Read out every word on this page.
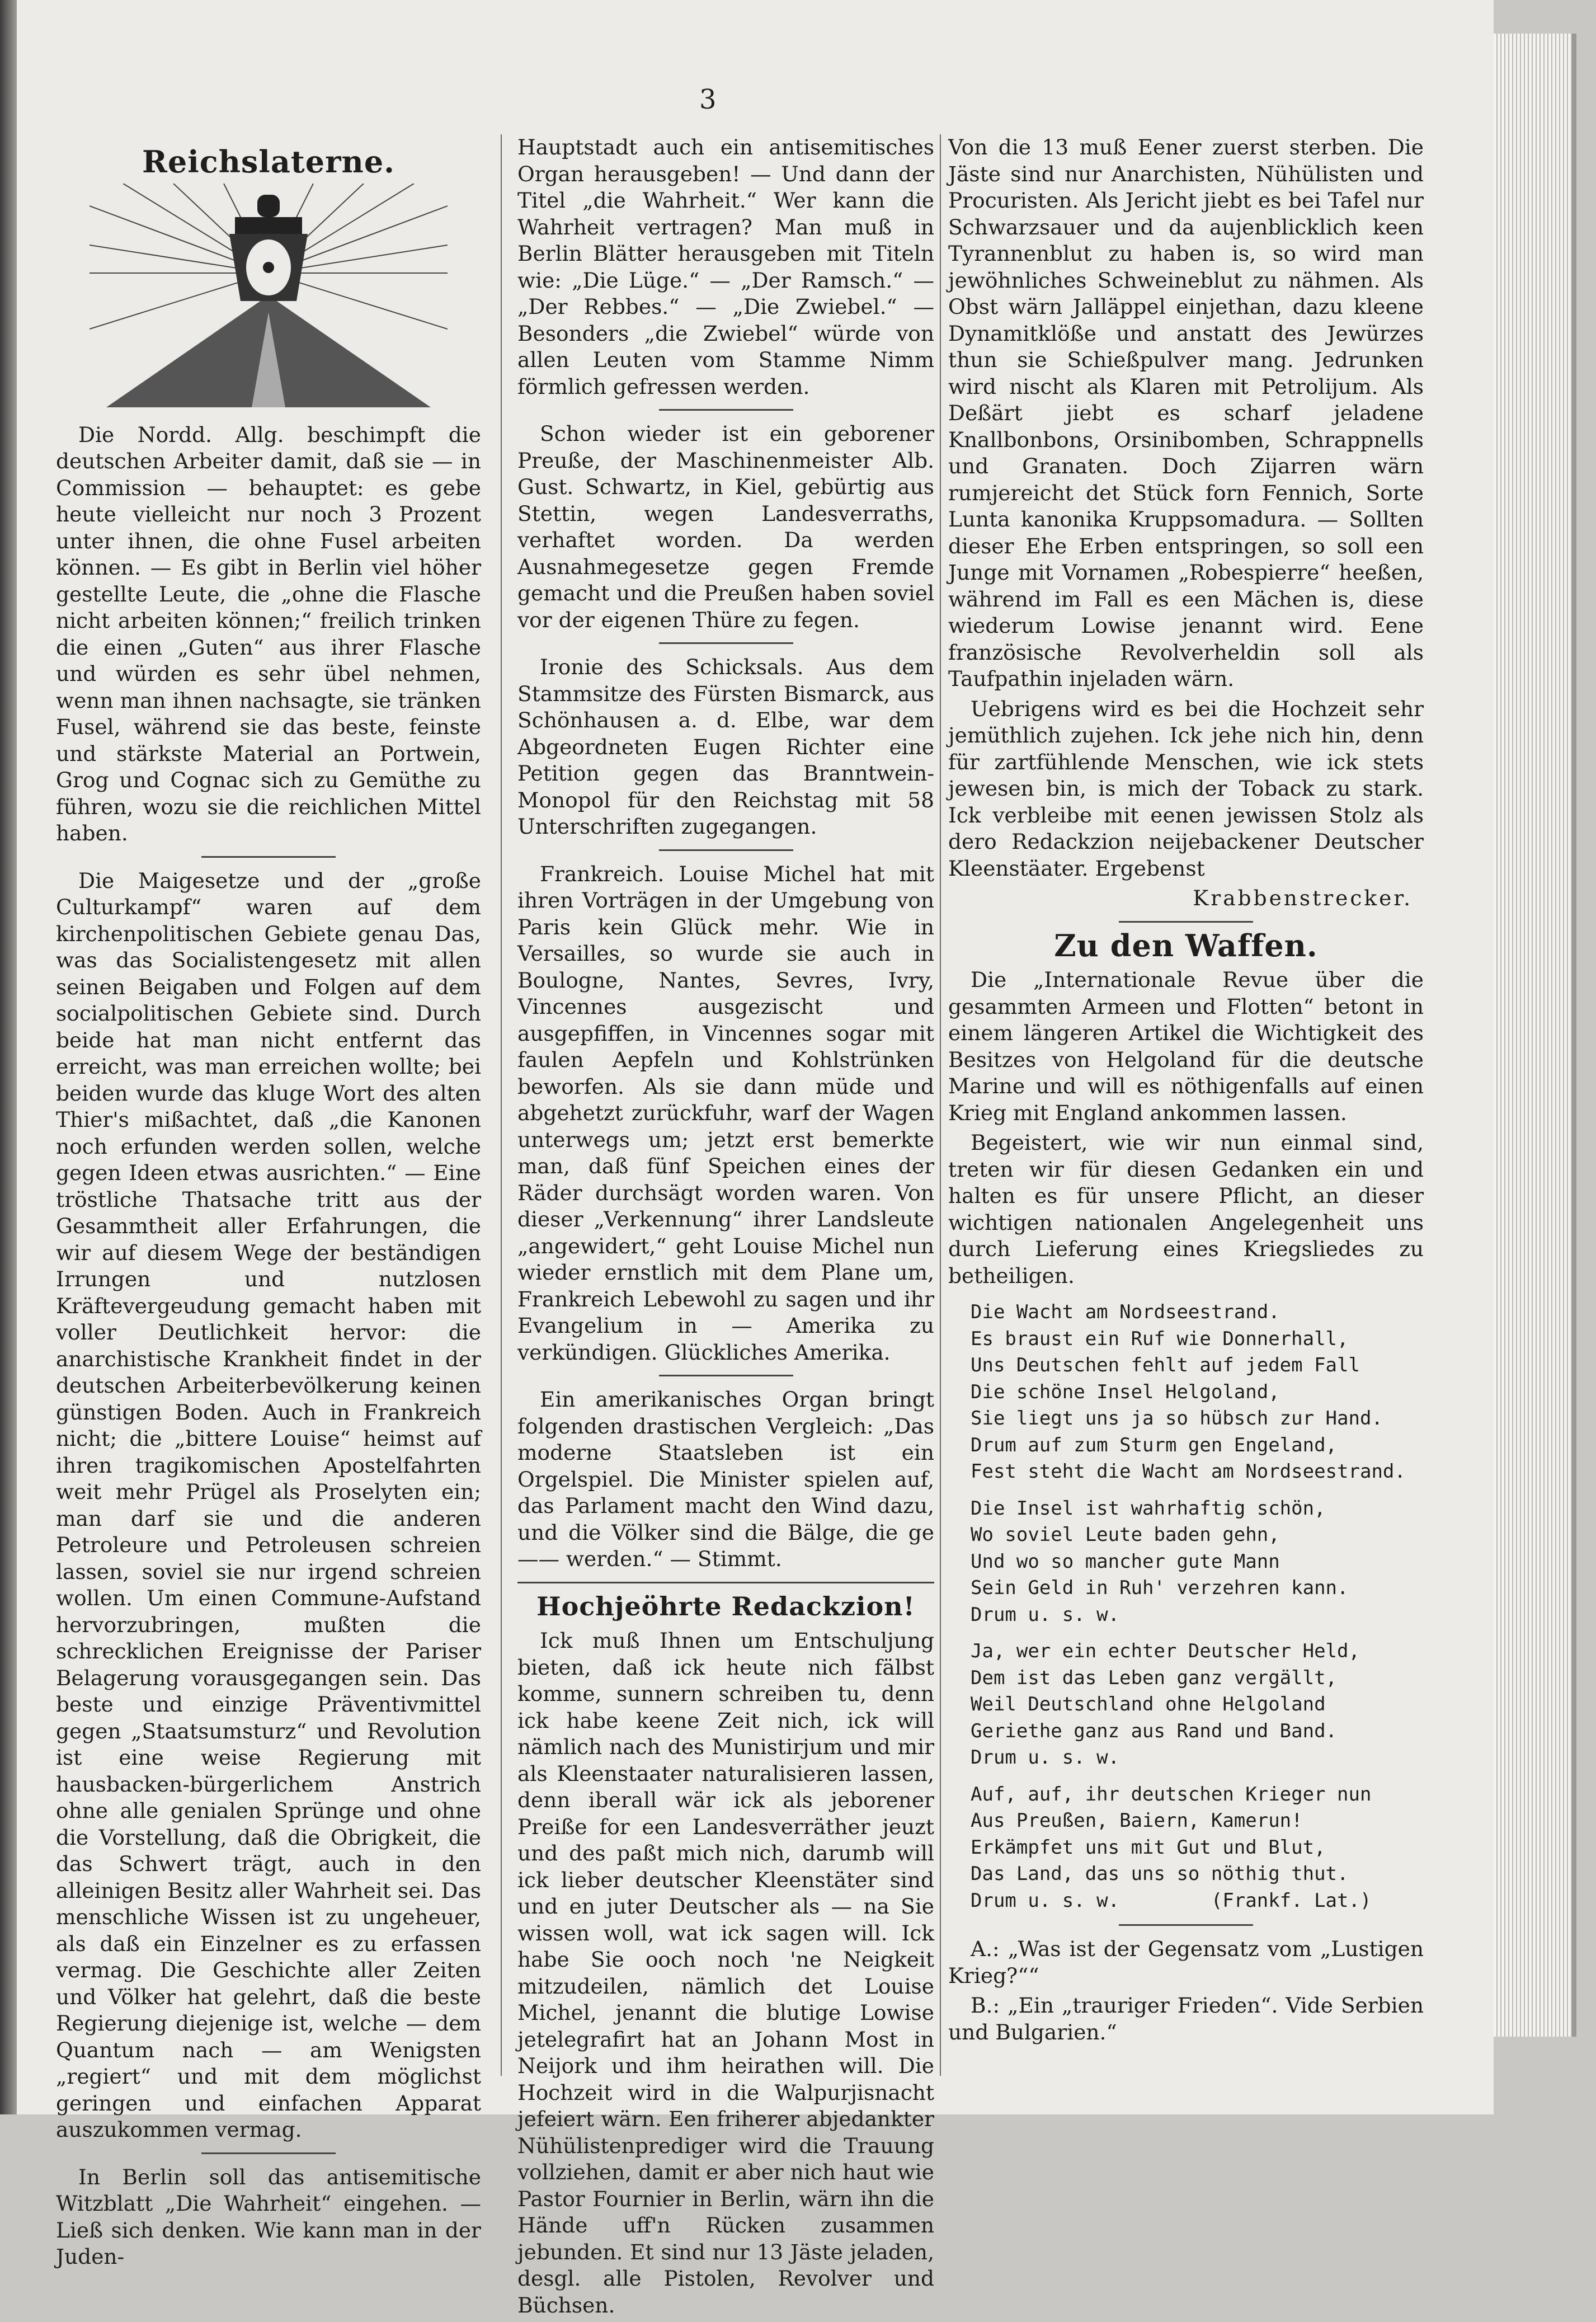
3
Reichslaterne.

Die Nordd. Allg. beschimpft die deutschen Arbeiter damit, daß sie — in Commission — behauptet: es gebe heute vielleicht nur noch 3 Prozent unter ihnen, die ohne Fusel arbeiten können. — Es gibt in Berlin viel höher gestellte Leute, die „ohne die Flasche nicht arbeiten können;“ freilich trinken die einen „Guten“ aus ihrer Flasche und würden es sehr übel nehmen, wenn man ihnen nachsagte, sie tränken Fusel, während sie das beste, feinste und stärkste Material an Portwein, Grog und Cognac sich zu Gemüthe zu führen, wozu sie die reichlichen Mittel haben.

Die Maigesetze und der „große Culturkampf“ waren auf dem kirchenpolitischen Gebiete genau Das, was das Socialistengesetz mit allen seinen Beigaben und Folgen auf dem socialpolitischen Gebiete sind. Durch beide hat man nicht entfernt das erreicht, was man erreichen wollte; bei beiden wurde das kluge Wort des alten Thier's mißachtet, daß „die Kanonen noch erfunden werden sollen, welche gegen Ideen etwas ausrichten.“ — Eine tröstliche Thatsache tritt aus der Gesammtheit aller Erfahrungen, die wir auf diesem Wege der beständigen Irrungen und nutzlosen Kräftevergeudung gemacht haben mit voller Deutlichkeit hervor: die anarchistische Krankheit findet in der deutschen Arbeiterbevölkerung keinen günstigen Boden. Auch in Frankreich nicht; die „bittere Louise“ heimst auf ihren tragikomischen Apostelfahrten weit mehr Prügel als Proselyten ein; man darf sie und die anderen Petroleure und Petroleusen schreien lassen, soviel sie nur irgend schreien wollen. Um einen Commune-Aufstand hervorzubringen, mußten die schrecklichen Ereignisse der Pariser Belagerung vorausgegangen sein. Das beste und einzige Präventivmittel gegen „Staatsumsturz“ und Revolution ist eine weise Regierung mit hausbacken-bürgerlichem Anstrich ohne alle genialen Sprünge und ohne die Vorstellung, daß die Obrigkeit, die das Schwert trägt, auch in den alleinigen Besitz aller Wahrheit sei. Das menschliche Wissen ist zu ungeheuer, als daß ein Einzelner es zu erfassen vermag. Die Geschichte aller Zeiten und Völker hat gelehrt, daß die beste Regierung diejenige ist, welche — dem Quantum nach — am Wenigsten „regiert“ und mit dem möglichst geringen und einfachen Apparat auszukommen vermag.

In Berlin soll das antisemitische Witzblatt „Die Wahrheit“ eingehen. — Ließ sich denken. Wie kann man in der Juden-

Hauptstadt auch ein antisemitisches Organ herausgeben! — Und dann der Titel „die Wahrheit.“ Wer kann die Wahrheit vertragen? Man muß in Berlin Blätter herausgeben mit Titeln wie: „Die Lüge.“ — „Der Ramsch.“ — „Der Rebbes.“ — „Die Zwiebel.“ — Besonders „die Zwiebel“ würde von allen Leuten vom Stamme Nimm förmlich gefressen werden.

Schon wieder ist ein geborener Preuße, der Maschinenmeister Alb. Gust. Schwartz, in Kiel, gebürtig aus Stettin, wegen Landesverraths, verhaftet worden. Da werden Ausnahmegesetze gegen Fremde gemacht und die Preußen haben soviel vor der eigenen Thüre zu fegen.

Ironie des Schicksals. Aus dem Stammsitze des Fürsten Bismarck, aus Schönhausen a. d. Elbe, war dem Abgeordneten Eugen Richter eine Petition gegen das Branntwein-Monopol für den Reichstag mit 58 Unterschriften zugegangen.

Frankreich. Louise Michel hat mit ihren Vorträgen in der Umgebung von Paris kein Glück mehr. Wie in Versailles, so wurde sie auch in Boulogne, Nantes, Sevres, Ivry, Vincennes ausgezischt und ausgepfiffen, in Vincennes sogar mit faulen Aepfeln und Kohlstrünken beworfen. Als sie dann müde und abgehetzt zurückfuhr, warf der Wagen unterwegs um; jetzt erst bemerkte man, daß fünf Speichen eines der Räder durchsägt worden waren. Von dieser „Verkennung“ ihrer Landsleute „angewidert,“ geht Louise Michel nun wieder ernstlich mit dem Plane um, Frankreich Lebewohl zu sagen und ihr Evangelium in — Amerika zu verkündigen. Glückliches Amerika.

Ein amerikanisches Organ bringt folgenden drastischen Vergleich: „Das moderne Staatsleben ist ein Orgelspiel. Die Minister spielen auf, das Parlament macht den Wind dazu, und die Völker sind die Bälge, die ge—— werden.“ — Stimmt.

Hochjeöhrte Redackzion!

Ick muß Ihnen um Entschuljung bieten, daß ick heute nich fälbst komme, sunnern schreiben tu, denn ick habe keene Zeit nich, ick will nämlich nach des Munistirjum und mir als Kleenstaater naturalisieren lassen, denn iberall wär ick als jeborener Preiße for een Landesverräther jeuzt und des paßt mich nich, darumb will ick lieber deutscher Kleenstäter sind und en juter Deutscher als — na Sie wissen woll, wat ick sagen will. Ick habe Sie ooch noch 'ne Neigkeit mitzudeilen, nämlich det Louise Michel, jenannt die blutige Lowise jetelegrafirt hat an Johann Most in Neijork und ihm heirathen will. Die Hochzeit wird in die Walpurjisnacht jefeiert wärn. Een friherer abjedankter Nühülistenprediger wird die Trauung vollziehen, damit er aber nich haut wie Pastor Fournier in Berlin, wärn ihn die Hände uff'n Rücken zusammen jebunden. Et sind nur 13 Jäste jeladen, desgl. alle Pistolen, Revolver und Büchsen.

Von die 13 muß Eener zuerst sterben. Die Jäste sind nur Anarchisten, Nühülisten und Procuristen. Als Jericht jiebt es bei Tafel nur Schwarzsauer und da aujenblicklich keen Tyrannenblut zu haben is, so wird man jewöhnliches Schweineblut zu nähmen. Als Obst wärn Jalläppel einjethan, dazu kleene Dynamitklöße und anstatt des Jewürzes thun sie Schießpulver mang. Jedrunken wird nischt als Klaren mit Petrolijum. Als Deßärt jiebt es scharf jeladene Knallbonbons, Orsinibomben, Schrappnells und Granaten. Doch Zijarren wärn rumjereicht det Stück forn Fennich, Sorte Lunta kanonika Kruppsomadura. — Sollten dieser Ehe Erben entspringen, so soll een Junge mit Vornamen „Robespierre“ heeßen, während im Fall es een Mächen is, diese wiederum Lowise jenannt wird. Eene französische Revolverheldin soll als Taufpathin injeladen wärn.

Uebrigens wird es bei die Hochzeit sehr jemüthlich zujehen. Ick jehe nich hin, denn für zartfühlende Menschen, wie ick stets jewesen bin, is mich der Toback zu stark. Ick verbleibe mit eenen jewissen Stolz als dero Redackzion neijebackener Deutscher Kleenstäater. Ergebenst

Krabbenstrecker.
Zu den Waffen.

Die „Internationale Revue über die gesammten Armeen und Flotten“ betont in einem längeren Artikel die Wichtigkeit des Besitzes von Helgoland für die deutsche Marine und will es nöthigenfalls auf einen Krieg mit England ankommen lassen.

Begeistert, wie wir nun einmal sind, treten wir für diesen Gedanken ein und halten es für unsere Pflicht, an dieser wichtigen nationalen Angelegenheit uns durch Lieferung eines Kriegsliedes zu betheiligen.

Die Wacht am Nordseestrand.
Es braust ein Ruf wie Donnerhall,
Uns Deutschen fehlt auf jedem Fall
Die schöne Insel Helgoland,
Sie liegt uns ja so hübsch zur Hand.
Drum auf zum Sturm gen Engeland,
Fest steht die Wacht am Nordseestrand.
Die Insel ist wahrhaftig schön,
Wo soviel Leute baden gehn,
Und wo so mancher gute Mann
Sein Geld in Ruh' verzehren kann.
Drum u. s. w.
Ja, wer ein echter Deutscher Held,
Dem ist das Leben ganz vergällt,
Weil Deutschland ohne Helgoland
Geriethe ganz aus Rand und Band.
Drum u. s. w.
Auf, auf, ihr deutschen Krieger nun
Aus Preußen, Baiern, Kamerun!
Erkämpfet uns mit Gut und Blut,
Das Land, das uns so nöthig thut.
Drum u. s. w.        (Frankf. Lat.)

A.: „Was ist der Gegensatz vom „Lustigen Krieg?““

B.: „Ein „trauriger Frieden“. Vide Serbien und Bulgarien.“
